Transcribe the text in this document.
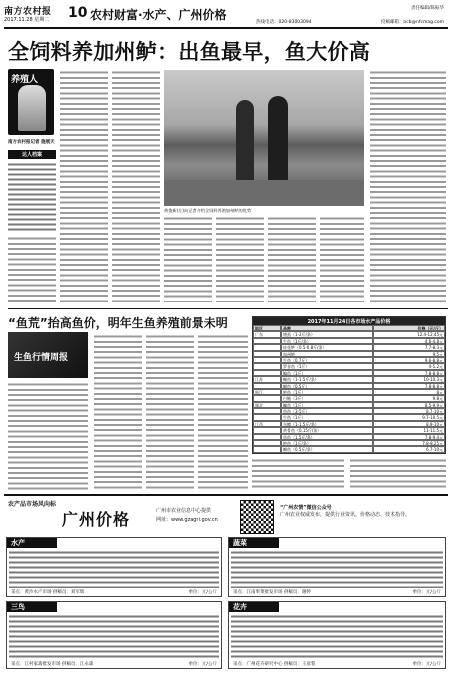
南方农村报
2017.11.28 星期二 10 农村财富·水产、广州价格	责任编辑/陈振华
热线电话：020-83003094	投稿邮箱：ncb@nfcmag.com
全饲料养加州鲈：出鱼最早，鱼大价高
养殖人
南方农村报记者 施展天
达人档案
黄俊新(左)向记者介绍全饲料养殖加州鲈的优势
“鱼荒”抬高鱼价，明年生鱼养殖前景未明
生鱼行情周报
2017年11月24日各市场水产品价格
地区	品种	价格（元/斤）
广东	塘虱（1-2斤/条）	12.4-12.45元
生鱼（1斤/条）	4.6-4.8元
桂花鲈（0.5-0.8斤/条）	7.7-8.3元
加州鲈	9.5元
生鱼（0.7斤）	9.6-8.8元
罗非鱼（1斤）	4-5.2元
鳊鱼（1斤）	7.8-8.8元
江苏	鳜鱼（1-1.5斤/条）	10-10.3元
鲫鱼（0.5斤）	7.8-8.8元
浙江	鲈鱼（1斤）	8元
白鲢（3斤）	9.8元
湖北	鳙鱼（1斤）	8.5-9.9元
草鱼（3-5斤）	8.7-10元
生鱼（1斤）	9.7-10.5元
江西	乌鳢（1-1.5斤/条）	8.9-10元
黄骨鱼（0.15斤/条）	11-11.5元
草鱼（1.5斤/条）	7.8-9.4元
鲈鱼（1斤/条）	7.8-8.25元
鲫鱼（0.5斤/条）	6.7-10元
农产品市场风向标
广州价格	广州市农业信息中心提供
网址：www.gzagri.gov.cn
“广州农情”微信公众号
广州农业权威发布，提供行业资讯、价格动态、技术指导。
水产
采点：黄沙水产市场 供稿员：刘军辉	单位：元/公斤
蔬菜
采点：江南果菜批发市场 供稿员：谢婷	单位：元/公斤
三鸟
采点：江村家禽批发市场 供稿员：江永森	单位：元/公斤
花卉
采点：广州花卉研究中心 供稿员：王彦蓉	单位：元/公斤
